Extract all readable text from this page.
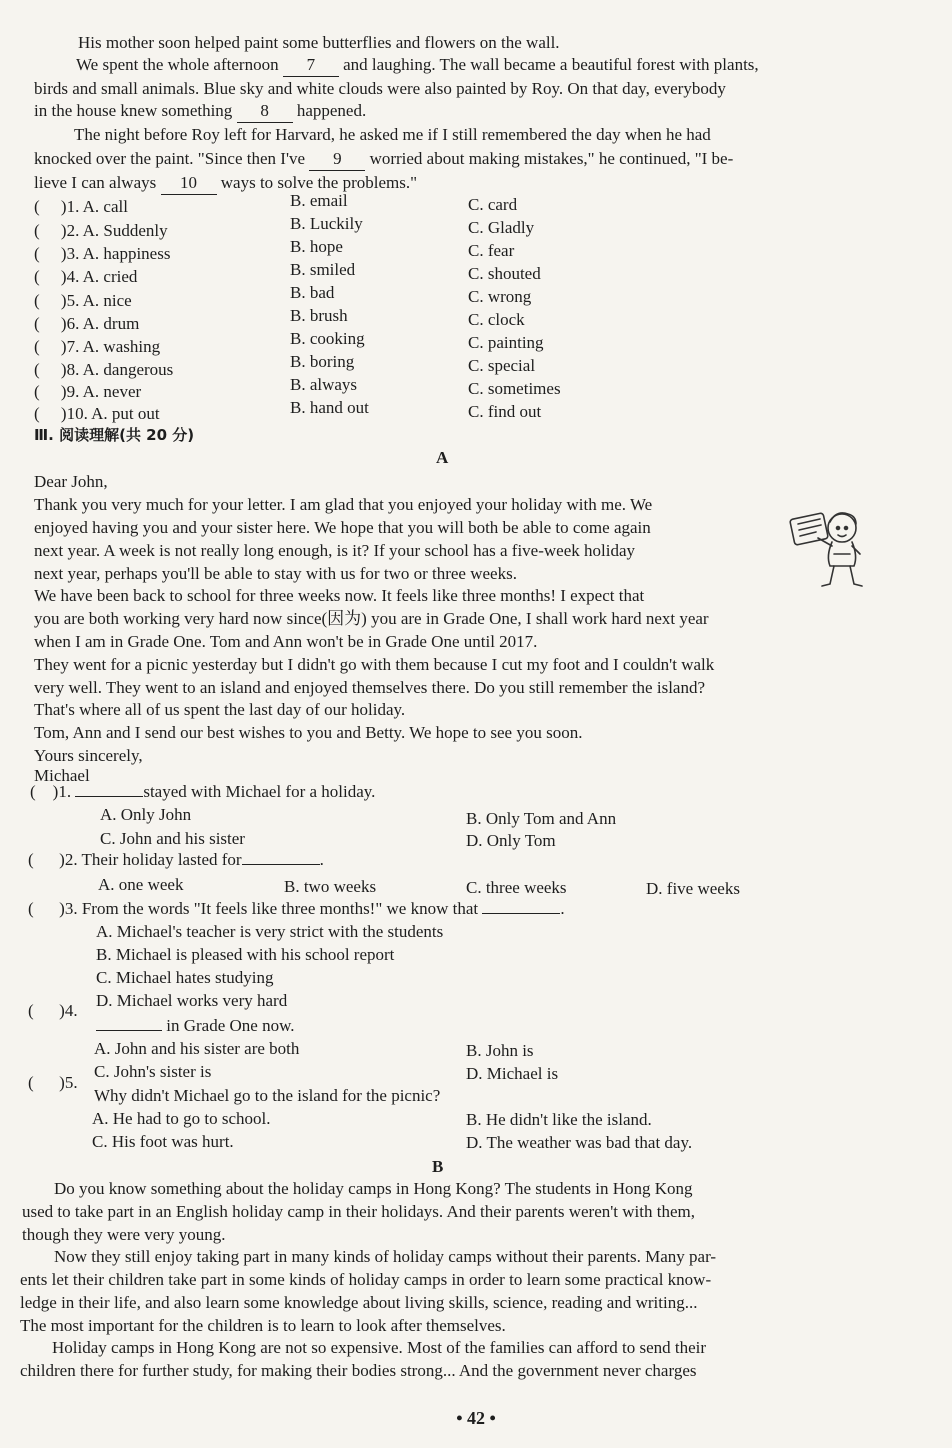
His mother soon helped paint some butterflies and flowers on the wall.
We spent the whole afternoon 7 and laughing. The wall became a beautiful forest with plants,
birds and small animals. Blue sky and white clouds were also painted by Roy. On that day, everybody
in the house knew something 8 happened.
The night before Roy left for Harvard, he asked me if I still remembered the day when he had
knocked over the paint. "Since then I've 9 worried about making mistakes," he continued, "I be-
lieve I can always 10 ways to solve the problems."
(     )1. A. call	B. email	C. card
(     )2. A. Suddenly	B. Luckily	C. Gladly
(     )3. A. happiness	B. hope	C. fear
(     )4. A. cried	B. smiled	C. shouted
(     )5. A. nice	B. bad	C. wrong
(     )6. A. drum	B. brush	C. clock
(     )7. A. washing	B. cooking	C. painting
(     )8. A. dangerous	B. boring	C. special
(     )9. A. never	B. always	C. sometimes
(     )10. A. put out	B. hand out	C. find out
Ⅲ. 阅读理解(共 20 分)
A
Dear John,
Thank you very much for your letter. I am glad that you enjoyed your holiday with me. We
enjoyed having you and your sister here. We hope that you will both be able to come again
next year. A week is not really long enough, is it? If your school has a five-week holiday
next year, perhaps you'll be able to stay with us for two or three weeks.
We have been back to school for three weeks now. It feels like three months! I expect that
you are both working very hard now since(因为) you are in Grade One, I shall work hard next year
when I am in Grade One. Tom and Ann won't be in Grade One until 2017.
They went for a picnic yesterday but I didn't go with them because I cut my foot and I couldn't walk
very well. They went to an island and enjoyed themselves there. Do you still remember the island?
That's where all of us spent the last day of our holiday.
Tom, Ann and I send our best wishes to you and Betty. We hope to see you soon.
Yours sincerely,
Michael
(    )1.	stayed with Michael for a holiday.
A. Only John	B. Only Tom and Ann
C. John and his sister	D. Only Tom
(      )2. Their holiday lasted for	.
A. one week	B. two weeks	C. three weeks	D. five weeks
(      )3. From the words "It feels like three months!" we know that	.
A. Michael's teacher is very strict with the students
B. Michael is pleased with his school report
C. Michael hates studying
D. Michael works very hard
(      )4.
in Grade One now.
A. John and his sister are both	B. John is
C. John's sister is	D. Michael is
(      )5.
Why didn't Michael go to the island for the picnic?
A. He had to go to school.	B. He didn't like the island.
C. His foot was hurt.	D. The weather was bad that day.
B
Do you know something about the holiday camps in Hong Kong? The students in Hong Kong
used to take part in an English holiday camp in their holidays. And their parents weren't with them,
though they were very young.
Now they still enjoy taking part in many kinds of holiday camps without their parents. Many par-
ents let their children take part in some kinds of holiday camps in order to learn some practical know-
ledge in their life, and also learn some knowledge about living skills, science, reading and writing...
The most important for the children is to learn to look after themselves.
Holiday camps in Hong Kong are not so expensive. Most of the families can afford to send their
children there for further study, for making their bodies strong... And the government never charges
• 42 •
